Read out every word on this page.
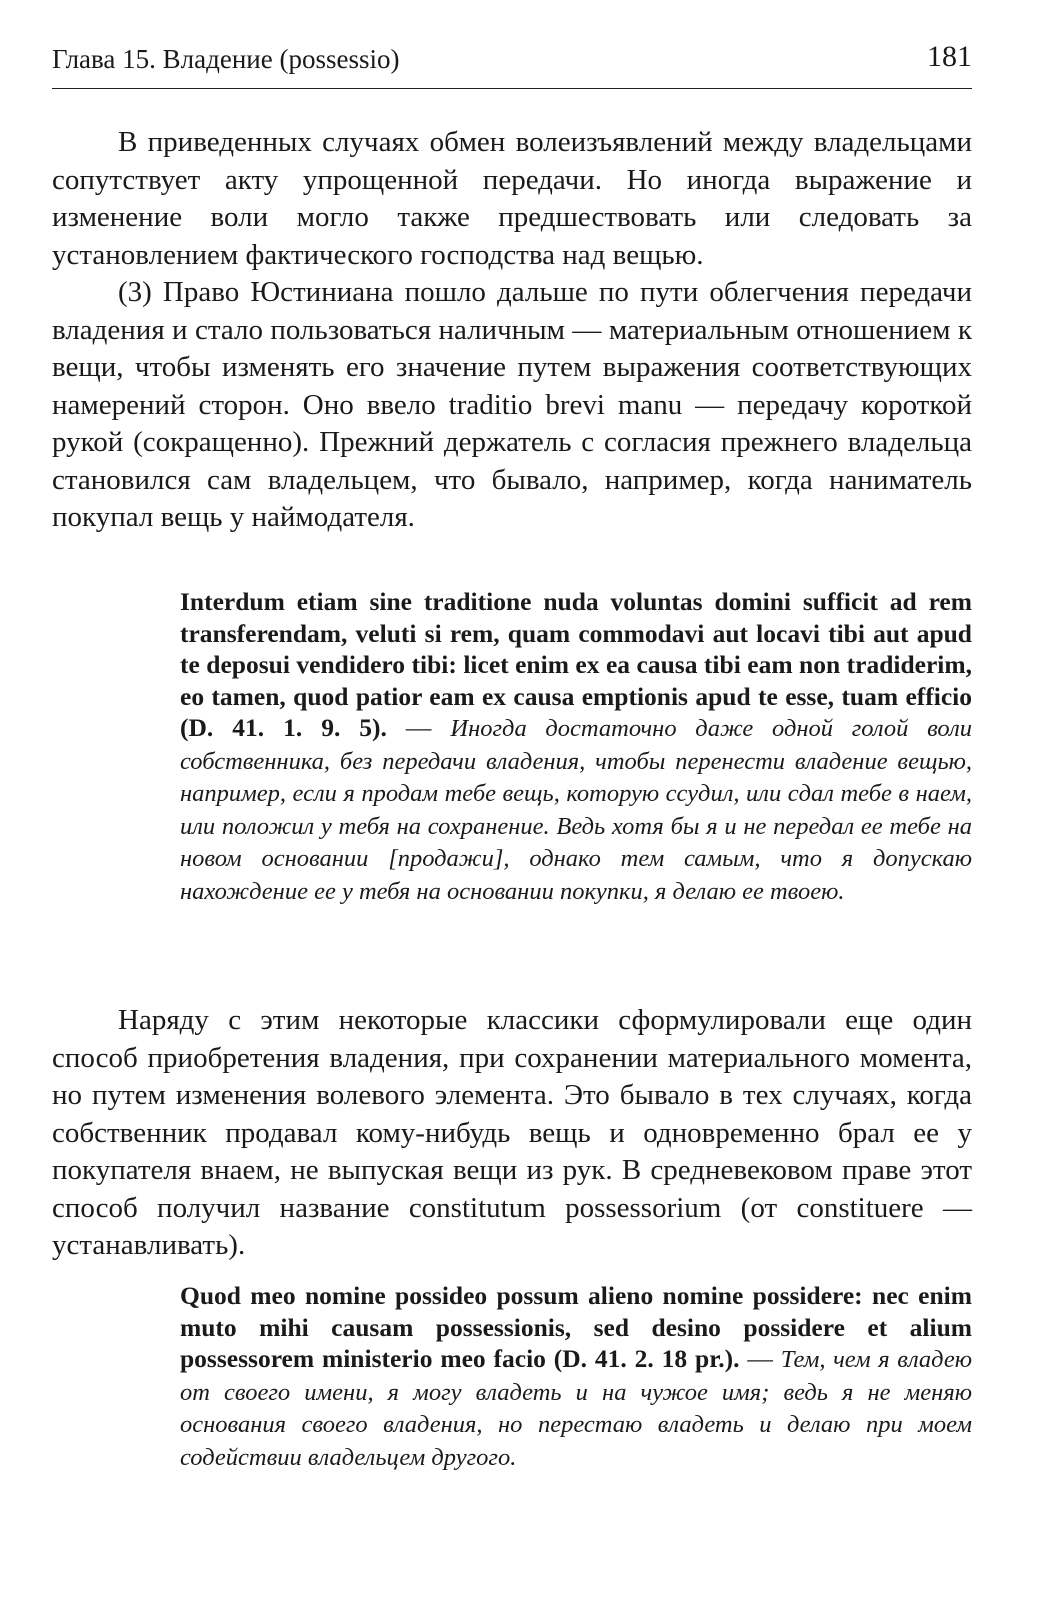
Глава 15. Владение (possessio)	181

В приведенных случаях обмен волеизъявлений между владельцами сопутствует акту упрощенной передачи. Но иногда выражение и изменение воли могло также предшествовать или следовать за установлением фактического господства над вещью.

(3) Право Юстиниана пошло дальше по пути облегчения передачи владения и стало пользоваться наличным — материальным отношением к вещи, чтобы изменять его значение путем выражения соответствующих намерений сторон. Оно ввело traditio brevi manu — передачу короткой рукой (сокращенно). Прежний держатель с согласия прежнего владельца становился сам владельцем, что бывало, например, когда наниматель покупал вещь у наймодателя.

Interdum etiam sine traditione nuda voluntas domini sufficit ad rem transferendam, veluti si rem, quam commodavi aut locavi tibi aut apud te deposui vendidero tibi: licet enim ex ea causa tibi eam non tradiderim, eo tamen, quod patior eam ex causa emptionis apud te esse, tuam efficio (D. 41. 1. 9. 5). — Иногда достаточно даже одной голой воли собственника, без передачи владения, чтобы перенести владение вещью, например, если я продам тебе вещь, которую ссудил, или сдал тебе в наем, или положил у тебя на сохранение. Ведь хотя бы я и не передал ее тебе на новом основании [продажи], однако тем самым, что я допускаю нахождение ее у тебя на основании покупки, я делаю ее твоею.

Наряду с этим некоторые классики сформулировали еще один способ приобретения владения, при сохранении материального момента, но путем изменения волевого элемента. Это бывало в тех случаях, когда собственник продавал кому-нибудь вещь и одновременно брал ее у покупателя внаем, не выпуская вещи из рук. В средневековом праве этот способ получил название constitutum possessorium (от constituere — устанавливать).

Quod meo nomine possideo possum alieno nomine possidere: nec enim muto mihi causam possessionis, sed desino possidere et alium possessorem ministerio meo facio (D. 41. 2. 18 pr.). — Тем, чем я владею от своего имени, я могу владеть и на чужое имя; ведь я не меняю основания своего владения, но перестаю владеть и делаю при моем содействии владельцем другого.
